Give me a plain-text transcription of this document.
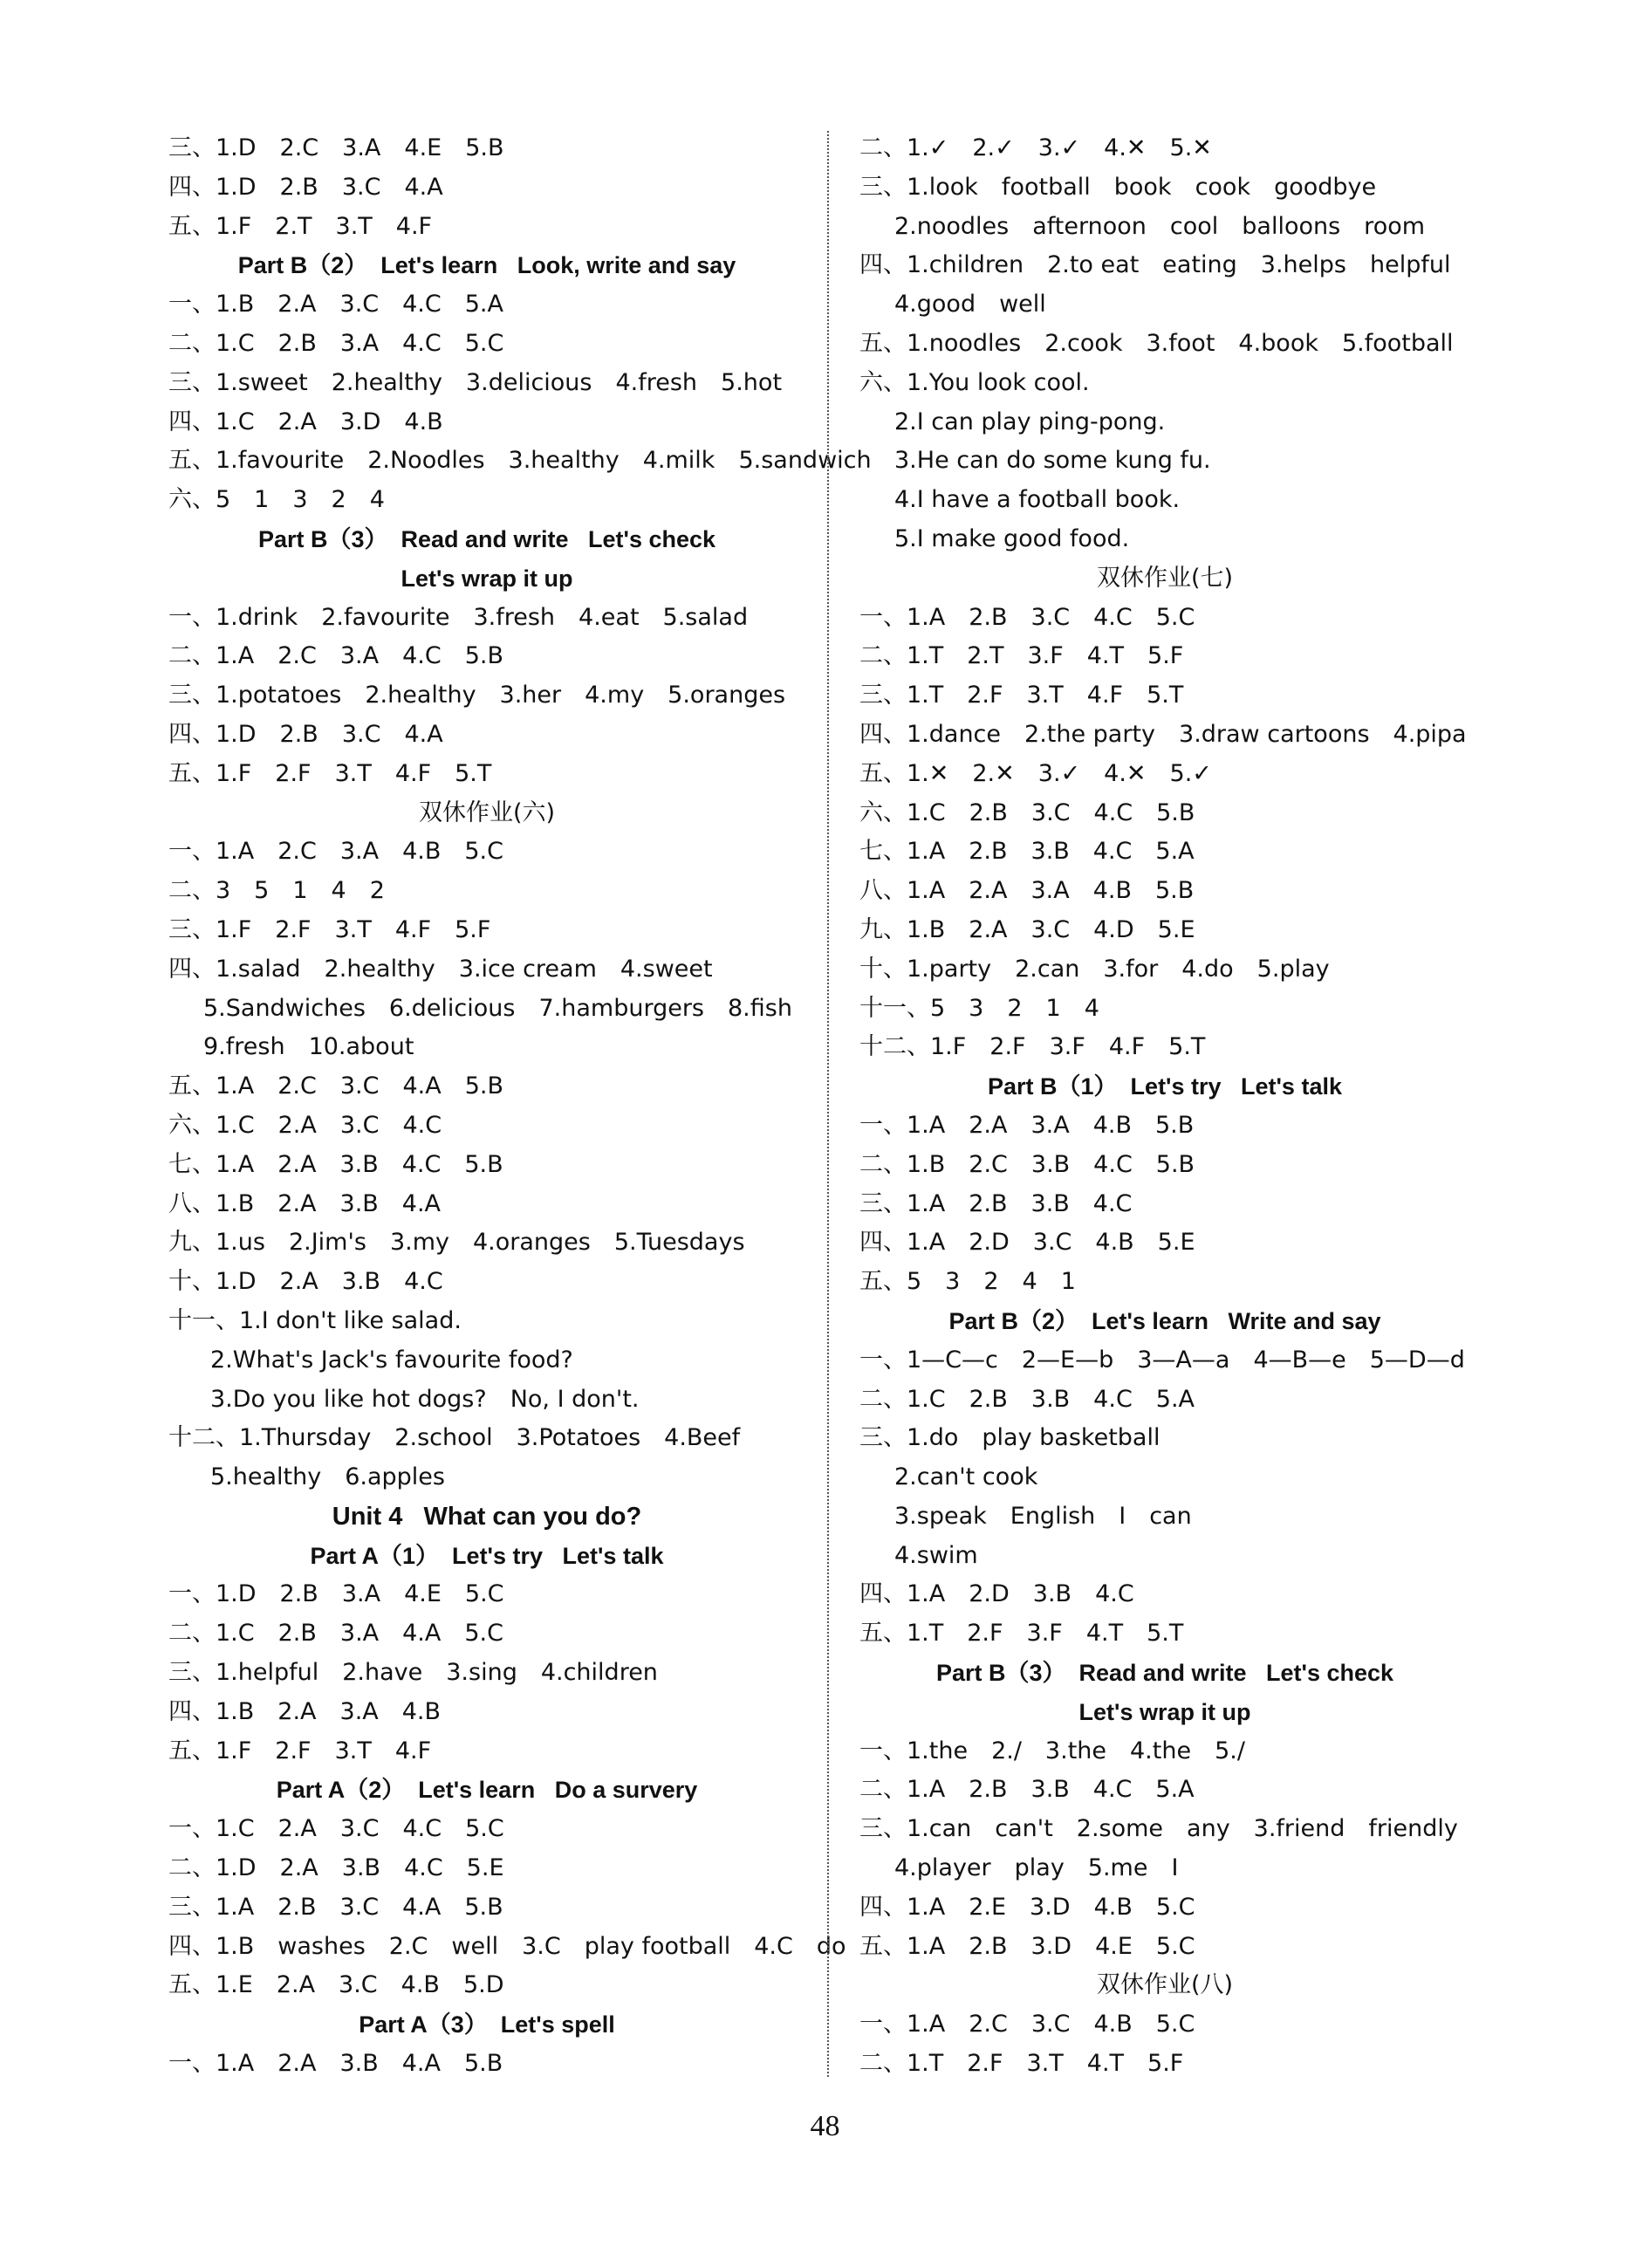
三、1.D　2.C　3.A　4.E　5.B
四、1.D　2.B　3.C　4.A
五、1.F　2.T　3.T　4.F
Part B（2）  Let's learn   Look, write and say
一、1.B　2.A　3.C　4.C　5.A
二、1.C　2.B　3.A　4.C　5.C
三、1.sweet　2.healthy　3.delicious　4.fresh　5.hot
四、1.C　2.A　3.D　4.B
五、1.favourite　2.Noodles　3.healthy　4.milk　5.sandwich
六、5　1　3　2　4
Part B（3）  Read and write   Let's check
Let's wrap it up
一、1.drink　2.favourite　3.fresh　4.eat　5.salad
二、1.A　2.C　3.A　4.C　5.B
三、1.potatoes　2.healthy　3.her　4.my　5.oranges
四、1.D　2.B　3.C　4.A
五、1.F　2.F　3.T　4.F　5.T
双休作业(六)
一、1.A　2.C　3.A　4.B　5.C
二、3　5　1　4　2
三、1.F　2.F　3.T　4.F　5.F
四、1.salad　2.healthy　3.ice cream　4.sweet
5.Sandwiches　6.delicious　7.hamburgers　8.fish
9.fresh　10.about
五、1.A　2.C　3.C　4.A　5.B
六、1.C　2.A　3.C　4.C
七、1.A　2.A　3.B　4.C　5.B
八、1.B　2.A　3.B　4.A
九、1.us　2.Jim's　3.my　4.oranges　5.Tuesdays
十、1.D　2.A　3.B　4.C
十一、1.I don't like salad.
2.What's Jack's favourite food?
3.Do you like hot dogs?　No, I don't.
十二、1.Thursday　2.school　3.Potatoes　4.Beef
5.healthy　6.apples
Unit 4   What can you do?
Part A（1）  Let's try   Let's talk
一、1.D　2.B　3.A　4.E　5.C
二、1.C　2.B　3.A　4.A　5.C
三、1.helpful　2.have　3.sing　4.children
四、1.B　2.A　3.A　4.B
五、1.F　2.F　3.T　4.F
Part A（2）  Let's learn   Do a survery
一、1.C　2.A　3.C　4.C　5.C
二、1.D　2.A　3.B　4.C　5.E
三、1.A　2.B　3.C　4.A　5.B
四、1.B　washes　2.C　well　3.C　play football　4.C　do
五、1.E　2.A　3.C　4.B　5.D
Part A（3）  Let's spell
一、1.A　2.A　3.B　4.A　5.B
二、1.✓　2.✓　3.✓　4.✕　5.✕
三、1.look　football　book　cook　goodbye
2.noodles　afternoon　cool　balloons　room
四、1.children　2.to eat　eating　3.helps　helpful
4.good　well
五、1.noodles　2.cook　3.foot　4.book　5.football
六、1.You look cool.
2.I can play ping-pong.
3.He can do some kung fu.
4.I have a football book.
5.I make good food.
双休作业(七)
一、1.A　2.B　3.C　4.C　5.C
二、1.T　2.T　3.F　4.T　5.F
三、1.T　2.F　3.T　4.F　5.T
四、1.dance　2.the party　3.draw cartoons　4.pipa
五、1.✕　2.✕　3.✓　4.✕　5.✓
六、1.C　2.B　3.C　4.C　5.B
七、1.A　2.B　3.B　4.C　5.A
八、1.A　2.A　3.A　4.B　5.B
九、1.B　2.A　3.C　4.D　5.E
十、1.party　2.can　3.for　4.do　5.play
十一、5　3　2　1　4
十二、1.F　2.F　3.F　4.F　5.T
Part B（1）  Let's try   Let's talk
一、1.A　2.A　3.A　4.B　5.B
二、1.B　2.C　3.B　4.C　5.B
三、1.A　2.B　3.B　4.C
四、1.A　2.D　3.C　4.B　5.E
五、5　3　2　4　1
Part B（2）  Let's learn   Write and say
一、1—C—c　2—E—b　3—A—a　4—B—e　5—D—d
二、1.C　2.B　3.B　4.C　5.A
三、1.do　play basketball
2.can't cook
3.speak　English　I　can
4.swim
四、1.A　2.D　3.B　4.C
五、1.T　2.F　3.F　4.T　5.T
Part B（3）  Read and write   Let's check
Let's wrap it up
一、1.the　2./　3.the　4.the　5./
二、1.A　2.B　3.B　4.C　5.A
三、1.can　can't　2.some　any　3.friend　friendly
4.player　play　5.me　I
四、1.A　2.E　3.D　4.B　5.C
五、1.A　2.B　3.D　4.E　5.C
双休作业(八)
一、1.A　2.C　3.C　4.B　5.C
二、1.T　2.F　3.T　4.T　5.F
48
